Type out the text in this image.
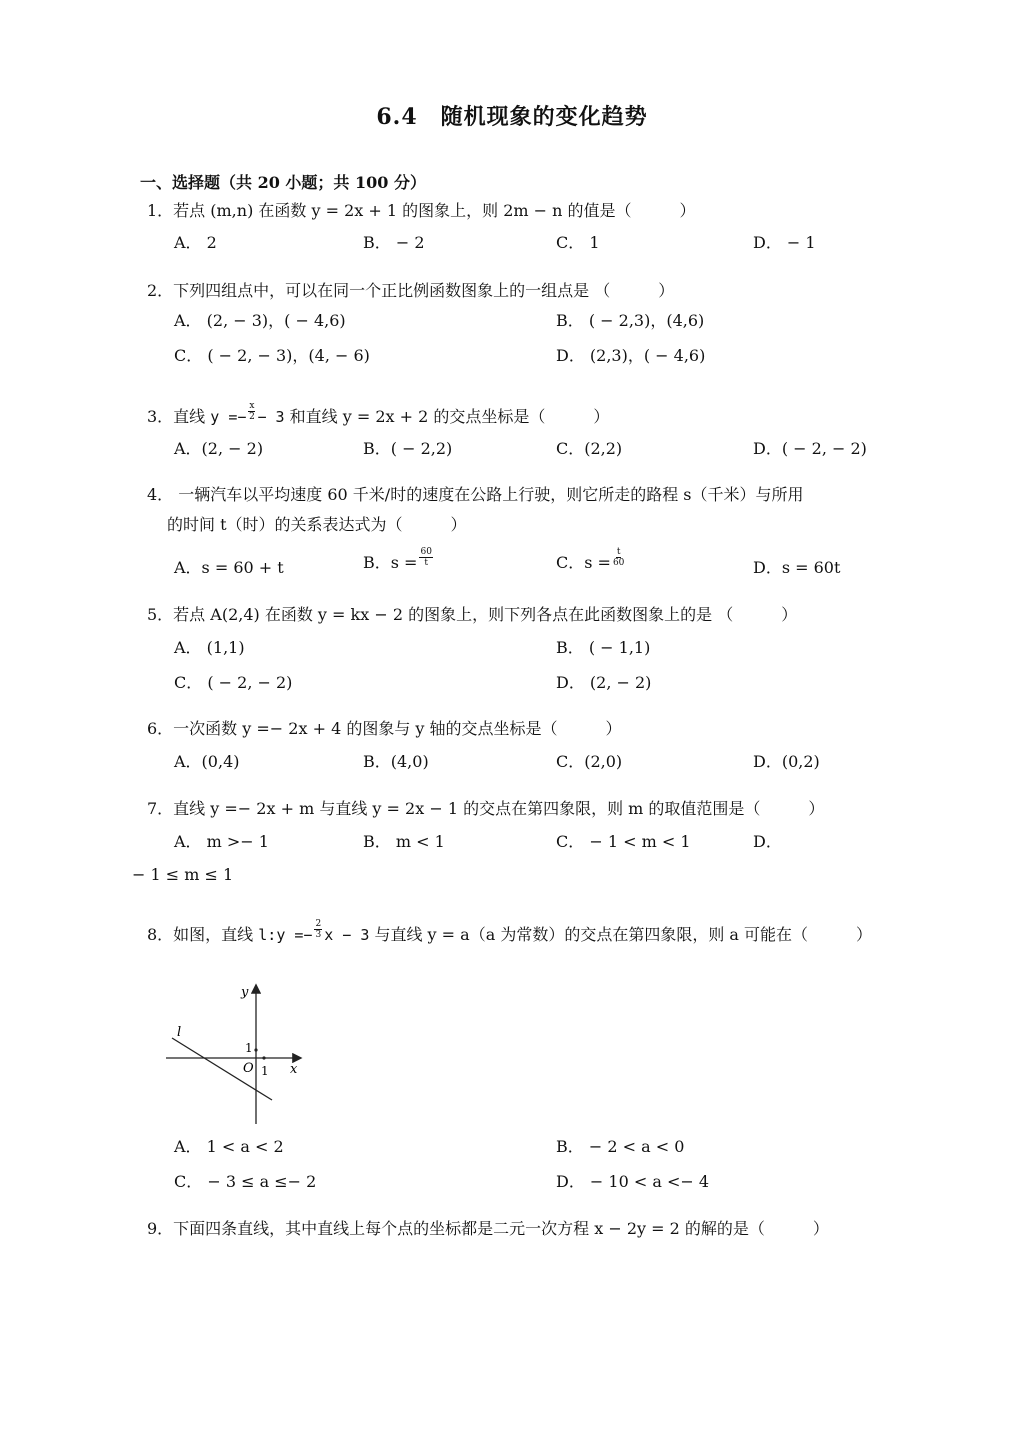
6.4　随机现象的变化趋势
一、选择题（共 20 小题；共 100 分）
1．若点 (m,n) 在函数 y = 2x + 1 的图象上，则 2m − n 的值是（　　　）
A． 2	B． − 2	C． 1	D． − 1
2．下列四组点中，可以在同一个正比例函数图象上的一组点是 （　　　）
A． (2, − 3)，( − 4,6)	B． ( − 2,3)，(4,6)
C． ( − 2, − 3)，(4, − 6)	D． (2,3)，( − 4,6)
3．直线 $y =- \frac{x}{2} - 3$ 和直线 y = 2x + 2 的交点坐标是（　　　）
A．(2, − 2)	B．( − 2,2)	C．(2,2)	D．( − 2, − 2)
4． 一辆汽车以平均速度 60 千米/时的速度在公路上行驶，则它所走的路程 s（千米）与所用
的时间 t（时）的关系表达式为（　　　）
A．s = 60 + t	B．$s = \frac{60}{t}$	C．$s = \frac{t}{60}$	D．s = 60t
5．若点 A(2,4) 在函数 y = kx − 2 的图象上，则下列各点在此函数图象上的是 （　　　）
A． (1,1)	B． ( − 1,1)
C． ( − 2, − 2)	D． (2, − 2)
6．一次函数 y =− 2x + 4 的图象与 y 轴的交点坐标是（　　　）
A．(0,4)	B．(4,0)	C．(2,0)	D．(0,2)
7．直线 y =− 2x + m 与直线 y = 2x − 1 的交点在第四象限，则 m 的取值范围是（　　　）
A． m >− 1	B． m < 1	C． − 1 < m < 1	D．
− 1 ≤ m ≤ 1
8．如图，直线 l:y =− $\frac{2}{3}$ x − 3 与直线 y = a（a 为常数）的交点在第四象限，则 a 可能在（　　　）
y
x
O 1
1
l
A． 1 < a < 2	B． − 2 < a < 0
C． − 3 ≤ a ≤− 2	D． − 10 < a <− 4
9．下面四条直线，其中直线上每个点的坐标都是二元一次方程 x − 2y = 2 的解的是（　　　）
